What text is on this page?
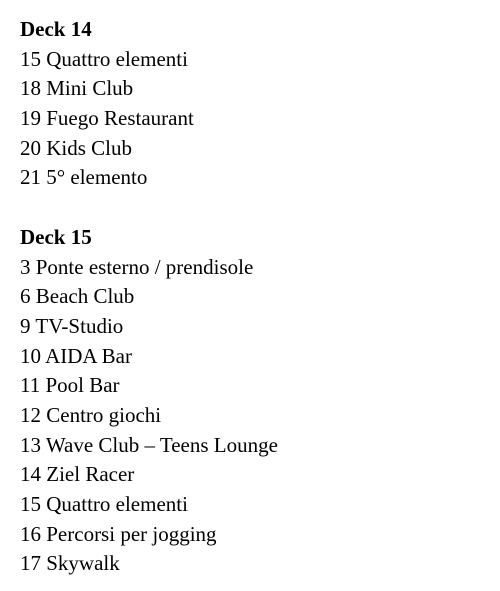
Deck 14
15 Quattro elementi
18 Mini Club
19 Fuego Restaurant
20 Kids Club
21 5° elemento
Deck 15
3 Ponte esterno / prendisole
6 Beach Club
9 TV-Studio
10 AIDA Bar
11 Pool Bar
12 Centro giochi
13 Wave Club – Teens Lounge
14 Ziel Racer
15 Quattro elementi
16 Percorsi per jogging
17 Skywalk
